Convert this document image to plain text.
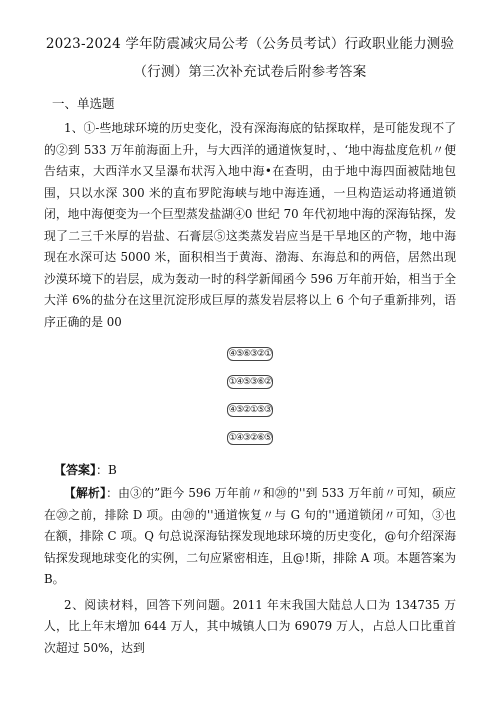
2023-2024 学年防震减灾局公考（公务员考试）行政职业能力测验
（行测）第三次补充试卷后附参考答案
一、单选题

1、①-些地球环境的历史变化，没有深海海底的钻探取样，是可能发现不了的②到 533 万年前海面上升，与大西洋的通道恢复时，、‘地中海盐度危机〃便告结束，大西洋水又呈瀑布状泻入地中海•在查明，由于地中海四面被陆地包围，只以水深 300 米的直布罗陀海峡与地中海连通，一旦构造运动将通道锁闭，地中海便变为一个巨型蒸发盐湖④0 世纪 70 年代初地中海的深海钻探，发现了二三千米厚的岩盐、石膏层⑤这类蒸发岩应当是干旱地区的产物，地中海现在水深可达 5000 米，面积相当于黄海、渤海、东海总和的两倍，居然出现沙漠环境下的岩层，成为轰动一时的科学新闻函今 596 万年前开始，相当于全大洋 6%的盐分在这里沉淀形成巨厚的蒸发岩层将以上 6 个句子重新排列，语序正确的是 00

④⑤⑥③②①
①④⑤③⑥②
④⑤②①⑤③
①④③②⑥⑤
【答案】：B

【解析】：由③的”距今 596 万年前〃和⑳的''到 533 万年前〃可知，硕应在⑳之前，排除 D 项。由⑳的''通道恢复〃与 G 句的''通道锁闭〃可知，③也在额，排除 C 项。Q 句总说深海钻探发现地球环境的历史变化，@句介绍深海钻探发现地球变化的实例，二句应紧密相连，且@!斯，排除 A 项。本题答案为 B。

2、阅读材料，回答下列问题。2011 年末我国大陆总人口为 134735 万人，比上年末增加 644 万人，其中城镇人口为 69079 万人，占总人口比重首次超过 50%，达到
